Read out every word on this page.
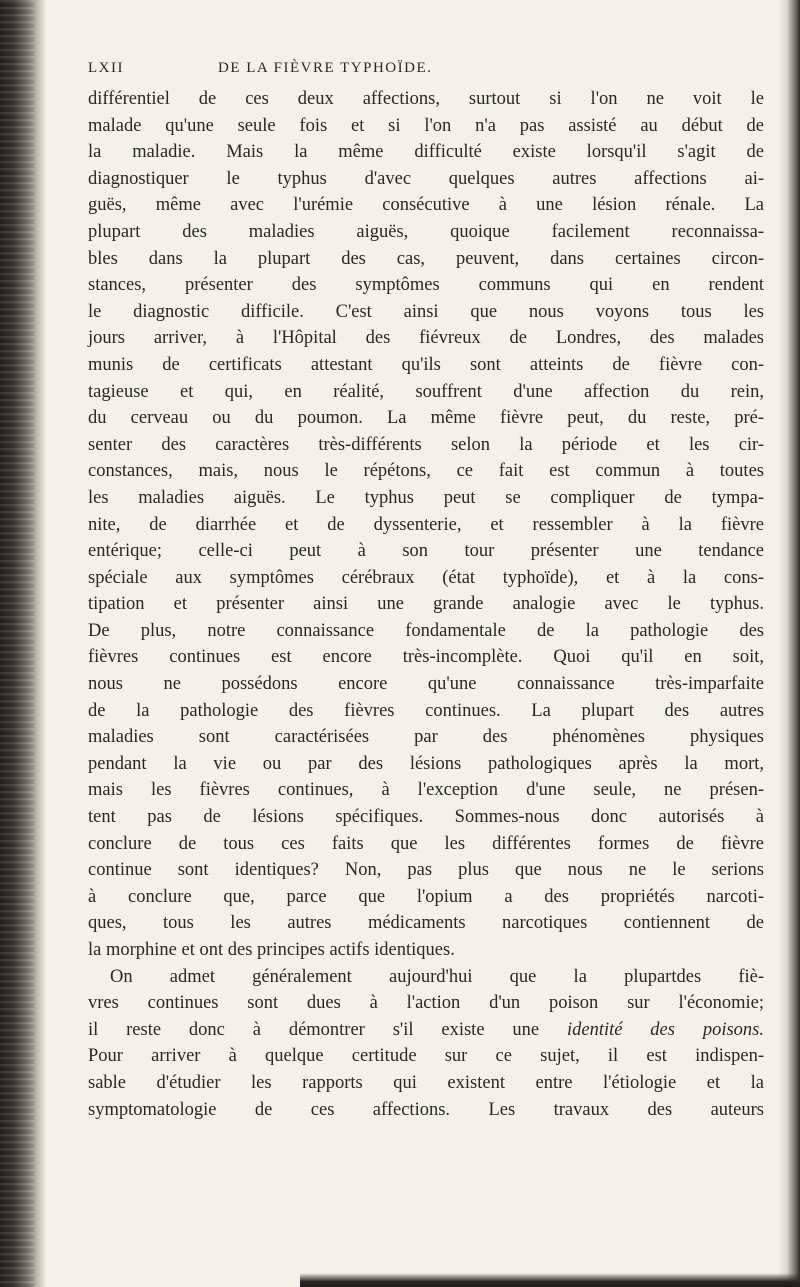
LXII	DE LA FIÈVRE TYPHOÏDE.
différentiel de ces deux affections, surtout si l'on ne voit le
malade qu'une seule fois et si l'on n'a pas assisté au début de
la maladie. Mais la même difficulté existe lorsqu'il s'agit de
diagnostiquer le typhus d'avec quelques autres affections ai-
guës, même avec l'urémie consécutive à une lésion rénale. La
plupart des maladies aiguës, quoique facilement reconnaissa-
bles dans la plupart des cas, peuvent, dans certaines circon-
stances, présenter des symptômes communs qui en rendent
le diagnostic difficile. C'est ainsi que nous voyons tous les
jours arriver, à l'Hôpital des fiévreux de Londres, des malades
munis de certificats attestant qu'ils sont atteints de fièvre con-
tagieuse et qui, en réalité, souffrent d'une affection du rein,
du cerveau ou du poumon. La même fièvre peut, du reste, pré-
senter des caractères très-différents selon la période et les cir-
constances, mais, nous le répétons, ce fait est commun à toutes
les maladies aiguës. Le typhus peut se compliquer de tympa-
nite, de diarrhée et de dyssenterie, et ressembler à la fièvre
entérique; celle-ci peut à son tour présenter une tendance
spéciale aux symptômes cérébraux (état typhoïde), et à la cons-
tipation et présenter ainsi une grande analogie avec le typhus.
De plus, notre connaissance fondamentale de la pathologie des
fièvres continues est encore très-incomplète. Quoi qu'il en soit,
nous ne possédons encore qu'une connaissance très-imparfaite
de la pathologie des fièvres continues. La plupart des autres
maladies sont caractérisées par des phénomènes physiques
pendant la vie ou par des lésions pathologiques après la mort,
mais les fièvres continues, à l'exception d'une seule, ne présen-
tent pas de lésions spécifiques. Sommes-nous donc autorisés à
conclure de tous ces faits que les différentes formes de fièvre
continue sont identiques? Non, pas plus que nous ne le serions
à conclure que, parce que l'opium a des propriétés narcoti-
ques, tous les autres médicaments narcotiques contiennent de
la morphine et ont des principes actifs identiques.
On admet généralement aujourd'hui que la plupartdes fiè-
vres continues sont dues à l'action d'un poison sur l'économie;
il reste donc à démontrer s'il existe une identité des poisons.
Pour arriver à quelque certitude sur ce sujet, il est indispen-
sable d'étudier les rapports qui existent entre l'étiologie et la
symptomatologie de ces affections. Les travaux des auteurs
